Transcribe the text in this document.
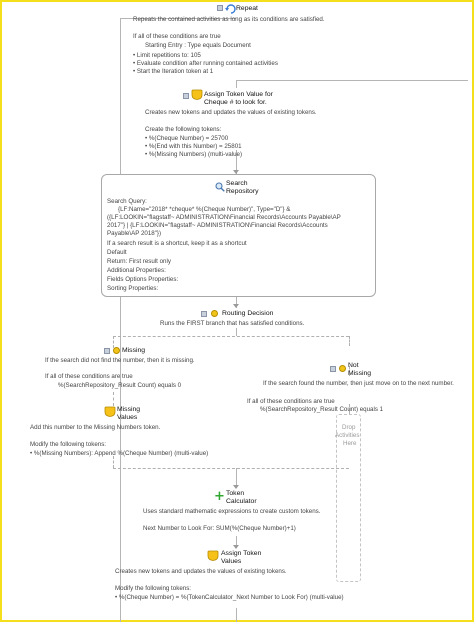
Repeat
Repeats the contained activities as long as its conditions are satisfied.
If all of these conditions are true
Starting Entry : Type equals Document
• Limit repetitions to: 105
• Evaluate condition after running contained activities
• Start the Iteration token at 1
Assign Token Value for
Cheque # to look for.
Creates new tokens and updates the values of existing tokens.
Create the following tokens:
• %(Cheque Number) = 25700
• %(End with this Number) = 25801
• %(Missing Numbers) (multi-value)
Search
Repository
Search Query:
{LF:Name="2018* *cheque* %(Cheque Number)", Type="D"} &
({LF:LOOKIN="flagstaff~ ADMINISTRATION\Financial Records\Accounts Payable\AP
2017"} | {LF:LOOKIN="flagstaff~ ADMINISTRATION\Financial Records\Accounts
Payable\AP 2018"})
If a search result is a shortcut, keep it as a shortcut
Default
Return: First result only
Additional Properties:
Fields Options Properties:
Sorting Properties:
Routing Decision
Runs the FIRST branch that has satisfied conditions.
Missing
If the search did not find the number, then it is missing.
If all of these conditions are true
%(SearchRepository_Result Count) equals 0
Missing
Values
Add this number to the Missing Numbers token.
Modify the following tokens:
• %(Missing Numbers): Append %(Cheque Number) (multi-value)
Not
Missing
If the search found the number, then just move on to the next number.
If all of these conditions are true
%(SearchRepository_Result Count) equals 1
Drop
Activities
Here
+ Token
Calculator
Uses standard mathematic expressions to create custom tokens.
Next Number to Look For: SUM(%(Cheque Number)+1)
Assign Token
Values
Creates new tokens and updates the values of existing tokens.
Modify the following tokens:
• %(Cheque Number) = %(TokenCalculator_Next Number to Look For) (multi-value)
